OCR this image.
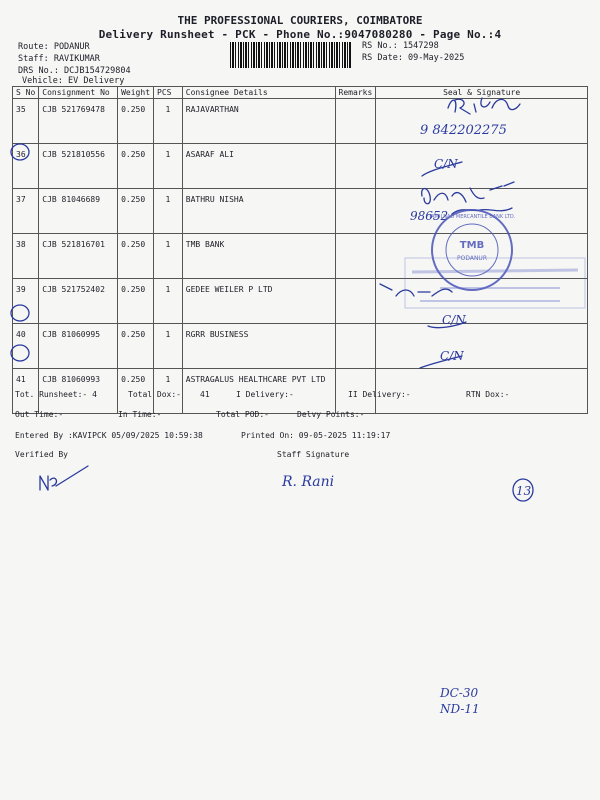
THE PROFESSIONAL COURIERS, COIMBATORE
Delivery Runsheet - PCK - Phone No.:9047080280 - Page No.:4
Route: PODANUR
Staff: RAVIKUMAR
DRS No.: DCJB154729804
Vehicle: EV Delivery
RS No.: 1547298
RS Date: 09-May-2025
S No	Consignment No	Weight	PCS	Consignee Details	Remarks	Seal & Signature
35	CJB 521769478	0.250	1	RAJAVARTHAN		
36	CJB 521810556	0.250	1	ASARAF ALI		
37	CJB 81046689	0.250	1	BATHRU NISHA		
38	CJB 521816701	0.250	1	TMB BANK		
39	CJB 521752402	0.250	1	GEDEE WEILER P LTD		
40	CJB 81060995	0.250	1	RGRR BUSINESS		
41	CJB 81060993	0.250	1	ASTRAGALUS HEALTHCARE PVT LTD		
Tot. Runsheet:- 4	Total Dox:- 41	I Delivery:-	II Delivery:-	RTN Dox:-
Out Time:-	In Time:-	Total POD:-	Delvy Points:-
Entered By :KAVIPCK 05/09/2025 10:59:38	Printed On: 09-05-2025 11:19:17
Verified By	Staff Signature
9 842202275
C/N
98652
TMB
PODANUR
TAMILNAD MERCANTILE BANK LTD.
C/N
C/N
R. Rani
13
DC-30
ND-11
